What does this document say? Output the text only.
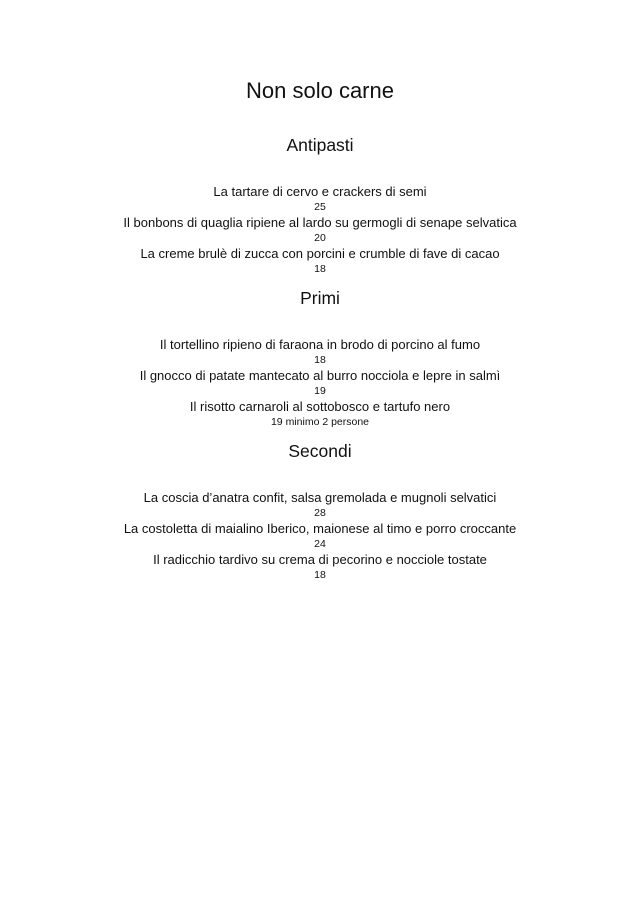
Non solo carne
Antipasti

La tartare di cervo e crackers di semi

25

Il bonbons di quaglia ripiene al lardo su germogli di senape selvatica

20

La creme brulè di zucca con porcini e crumble di fave di cacao

18

Primi

Il tortellino ripieno di faraona in brodo di porcino al fumo

18

Il gnocco di patate mantecato al burro nocciola e lepre in salmì

19

Il risotto carnaroli al sottobosco e tartufo nero

19 minimo 2 persone

Secondi

La coscia d’anatra confit, salsa gremolada e mugnoli selvatici

28

La costoletta di maialino Iberico, maionese al timo e porro croccante

24

Il radicchio tardivo su crema di pecorino e nocciole tostate

18
